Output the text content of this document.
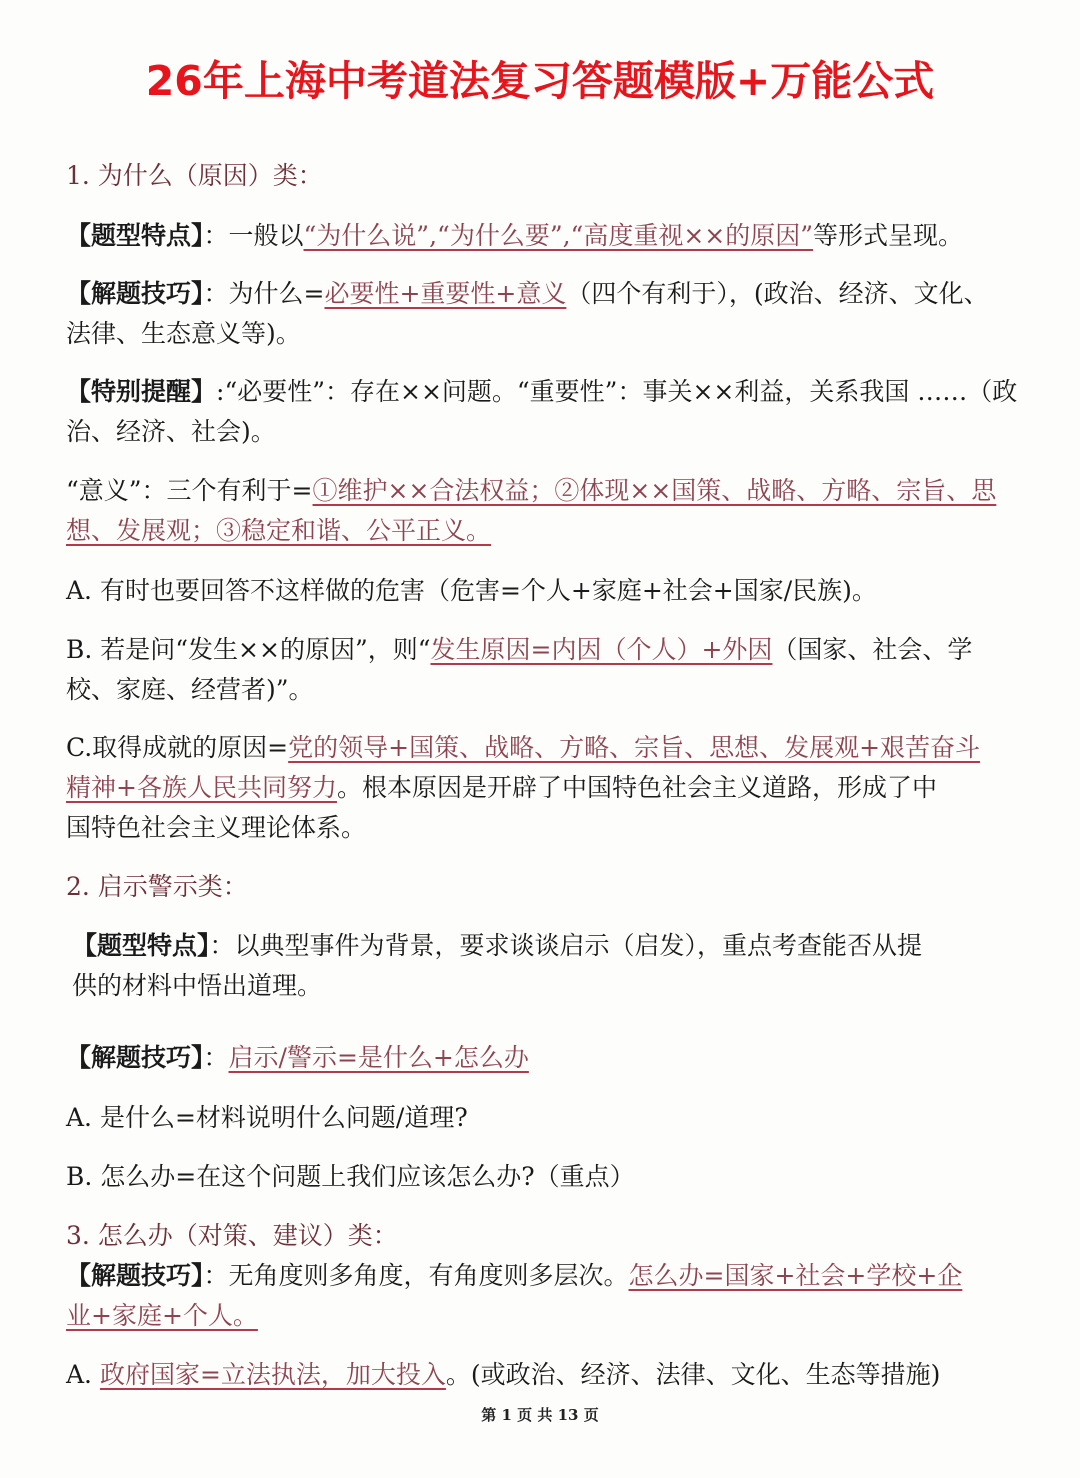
26年上海中考道法复习答题模版+万能公式
1. 为什么（原因）类：
【题型特点】：一般以“为什么说”,“为什么要”,“高度重视××的原因”等形式呈现。
【解题技巧】：为什么=必要性+重要性+意义（四个有利于），(政治、经济、文化、
法律、生态意义等)。
【特别提醒】:“必要性”：存在××问题。“重要性”：事关××利益，关系我国 ……（政
治、经济、社会)。
“意义”：三个有利于=①维护××合法权益；②体现××国策、战略、方略、宗旨、思
想、发展观；③稳定和谐、公平正义。
A. 有时也要回答不这样做的危害（危害=个人+家庭+社会+国家/民族)。
B. 若是问“发生××的原因”，则“发生原因=内因（个人）+外因（国家、社会、学
校、家庭、经营者)”。
C.取得成就的原因=党的领导+国策、战略、方略、宗旨、思想、发展观+艰苦奋斗
精神+各族人民共同努力。根本原因是开辟了中国特色社会主义道路，形成了中
国特色社会主义理论体系。
2. 启示警示类：
【题型特点】：以典型事件为背景，要求谈谈启示（启发），重点考查能否从提
供的材料中悟出道理。
【解题技巧】：启示/警示=是什么+怎么办
A. 是什么=材料说明什么问题/道理?
B. 怎么办=在这个问题上我们应该怎么办?（重点）
3. 怎么办（对策、建议）类：
【解题技巧】：无角度则多角度，有角度则多层次。怎么办=国家+社会+学校+企
业+家庭+个人。
A. 政府国家=立法执法，加大投入。(或政治、经济、法律、文化、生态等措施)
第 1 页 共 13 页
